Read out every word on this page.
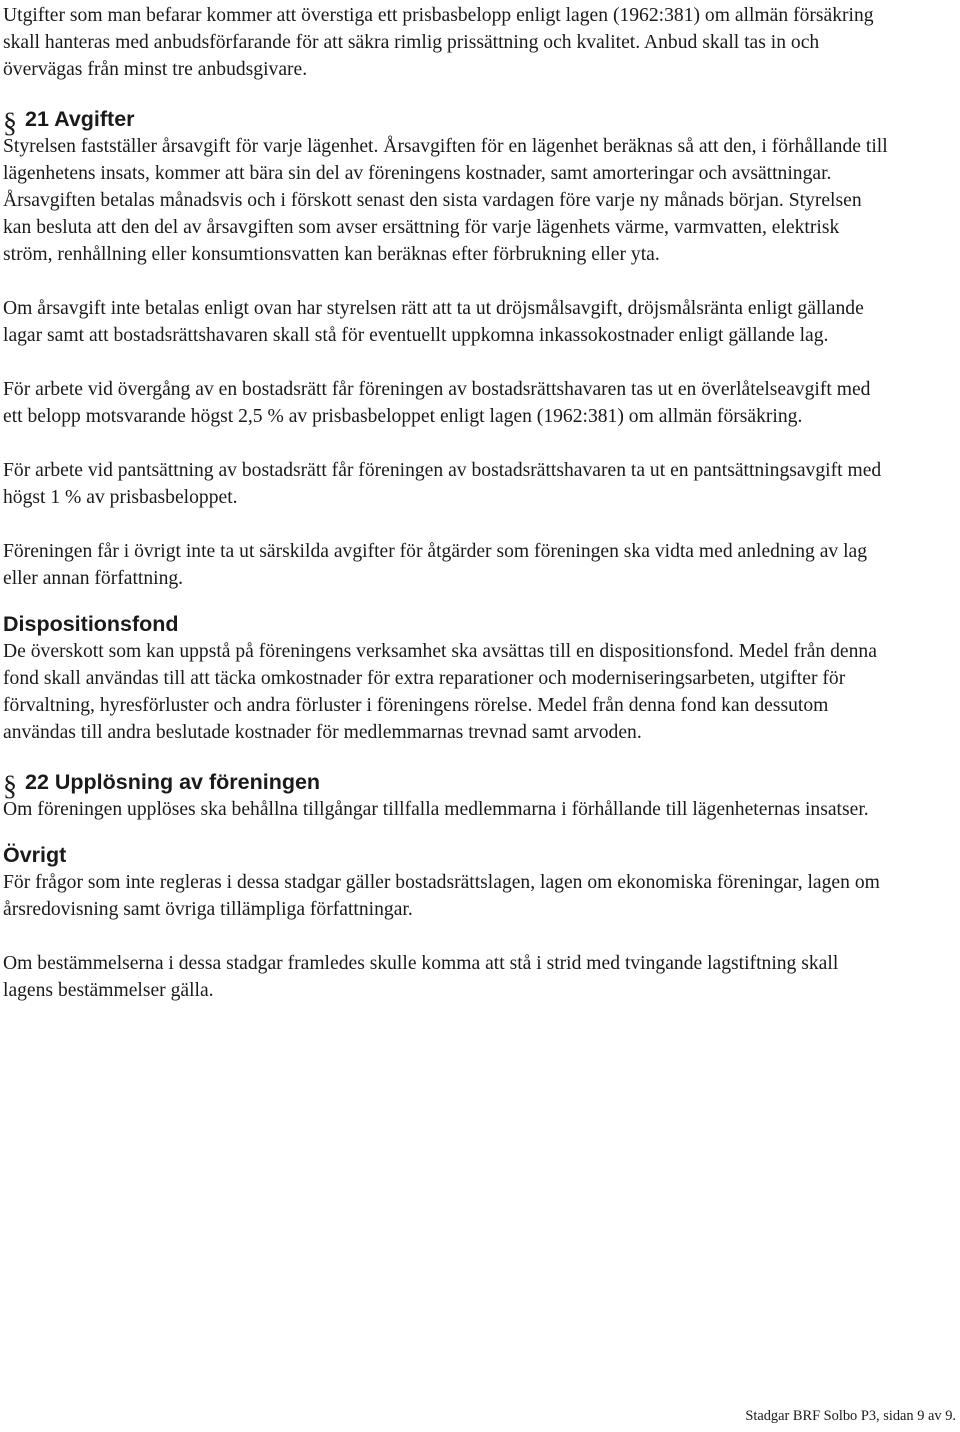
Utgifter som man befarar kommer att överstiga ett prisbasbelopp enligt lagen (1962:381) om allmän försäkring skall hanteras med anbudsförfarande för att säkra rimlig prissättning och kvalitet. Anbud skall tas in och övervägas från minst tre anbudsgivare.

§ 21 Avgifter

Styrelsen fastställer årsavgift för varje lägenhet. Årsavgiften för en lägenhet beräknas så att den, i förhållande till lägenhetens insats, kommer att bära sin del av föreningens kostnader, samt amorteringar och avsättningar. Årsavgiften betalas månadsvis och i förskott senast den sista vardagen före varje ny månads början. Styrelsen kan besluta att den del av årsavgiften som avser ersättning för varje lägenhets värme, varmvatten, elektrisk ström, renhållning eller konsumtionsvatten kan beräknas efter förbrukning eller yta.

Om årsavgift inte betalas enligt ovan har styrelsen rätt att ta ut dröjsmålsavgift, dröjsmålsränta enligt gällande lagar samt att bostadsrättshavaren skall stå för eventuellt uppkomna inkassokostnader enligt gällande lag.

För arbete vid övergång av en bostadsrätt får föreningen av bostadsrättshavaren tas ut en överlåtelseavgift med ett belopp motsvarande högst 2,5 % av prisbasbeloppet enligt lagen (1962:381) om allmän försäkring.

För arbete vid pantsättning av bostadsrätt får föreningen av bostadsrättshavaren ta ut en pantsättningsavgift med högst 1 % av prisbasbeloppet.

Föreningen får i övrigt inte ta ut särskilda avgifter för åtgärder som föreningen ska vidta med anledning av lag eller annan författning.

Dispositionsfond

De överskott som kan uppstå på föreningens verksamhet ska avsättas till en dispositionsfond. Medel från denna fond skall användas till att täcka omkostnader för extra reparationer och moderniseringsarbeten, utgifter för förvaltning, hyresförluster och andra förluster i föreningens rörelse. Medel från denna fond kan dessutom användas till andra beslutade kostnader för medlemmarnas trevnad samt arvoden.

§ 22 Upplösning av föreningen

Om föreningen upplöses ska behållna tillgångar tillfalla medlemmarna i förhållande till lägenheternas insatser.

Övrigt

För frågor som inte regleras i dessa stadgar gäller bostadsrättslagen, lagen om ekonomiska föreningar, lagen om årsredovisning samt övriga tillämpliga författningar.

Om bestämmelserna i dessa stadgar framledes skulle komma att stå i strid med tvingande lagstiftning skall lagens bestämmelser gälla.

Stadgar BRF Solbo P3, sidan 9 av 9.
